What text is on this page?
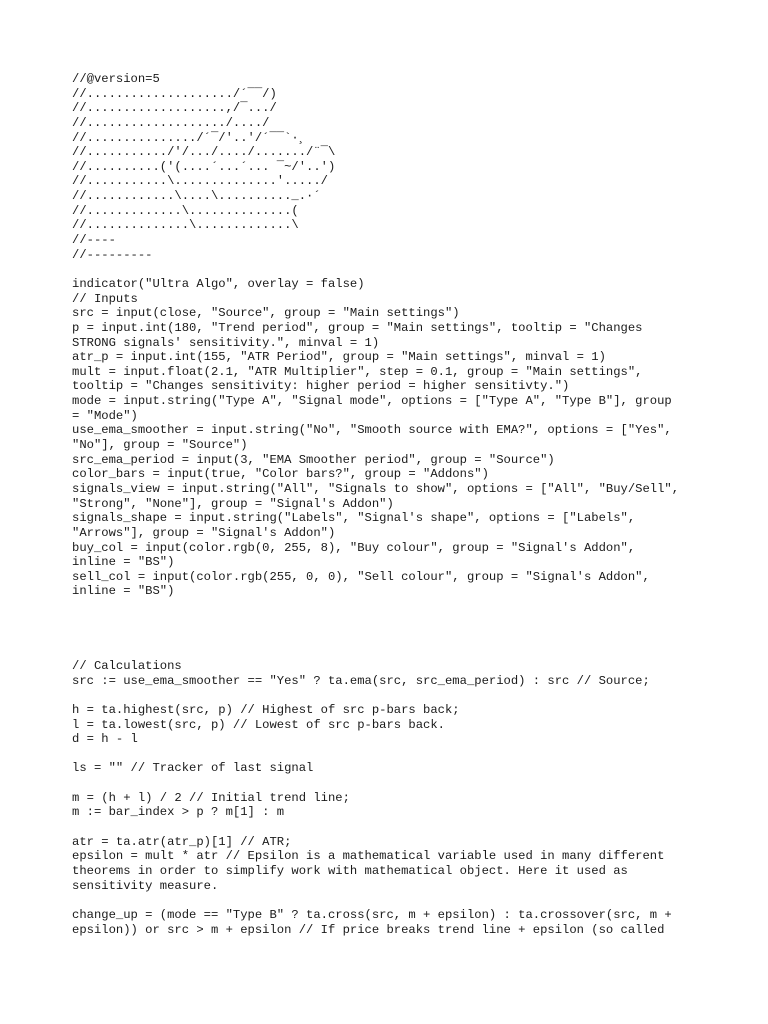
//@version=5
//..................../´¯¯/)
//...................,/¯.../
//.................../..../
//.............../´¯/'..'/´¯¯`·¸
//.........../'/.../..../......./¨¯\
//..........('(....´...´... ¯~/'..')
//...........\..............'...../
//............\....\.........._.·´
//.............\..............(
//..............\.............\
//----
//---------
indicator("Ultra Algo", overlay = false)
// Inputs
src = input(close, "Source", group = "Main settings")
p = input.int(180, "Trend period", group = "Main settings", tooltip = "Changes
STRONG signals' sensitivity.", minval = 1)
atr_p = input.int(155, "ATR Period", group = "Main settings", minval = 1)
mult = input.float(2.1, "ATR Multiplier", step = 0.1, group = "Main settings",
tooltip = "Changes sensitivity: higher period = higher sensitivty.")
mode = input.string("Type A", "Signal mode", options = ["Type A", "Type B"], group
= "Mode")
use_ema_smoother = input.string("No", "Smooth source with EMA?", options = ["Yes",
"No"], group = "Source")
src_ema_period = input(3, "EMA Smoother period", group = "Source")
color_bars = input(true, "Color bars?", group = "Addons")
signals_view = input.string("All", "Signals to show", options = ["All", "Buy/Sell",
"Strong", "None"], group = "Signal's Addon")
signals_shape = input.string("Labels", "Signal's shape", options = ["Labels",
"Arrows"], group = "Signal's Addon")
buy_col = input(color.rgb(0, 255, 8), "Buy colour", group = "Signal's Addon",
inline = "BS")
sell_col = input(color.rgb(255, 0, 0), "Sell colour", group = "Signal's Addon",
inline = "BS")
// Calculations
src := use_ema_smoother == "Yes" ? ta.ema(src, src_ema_period) : src // Source;
h = ta.highest(src, p) // Highest of src p-bars back;
l = ta.lowest(src, p) // Lowest of src p-bars back.
d = h - l
ls = "" // Tracker of last signal
m = (h + l) / 2 // Initial trend line;
m := bar_index > p ? m[1] : m
atr = ta.atr(atr_p)[1] // ATR;
epsilon = mult * atr // Epsilon is a mathematical variable used in many different
theorems in order to simplify work with mathematical object. Here it used as
sensitivity measure.
change_up = (mode == "Type B" ? ta.cross(src, m + epsilon) : ta.crossover(src, m +
epsilon)) or src > m + epsilon // If price breaks trend line + epsilon (so called
